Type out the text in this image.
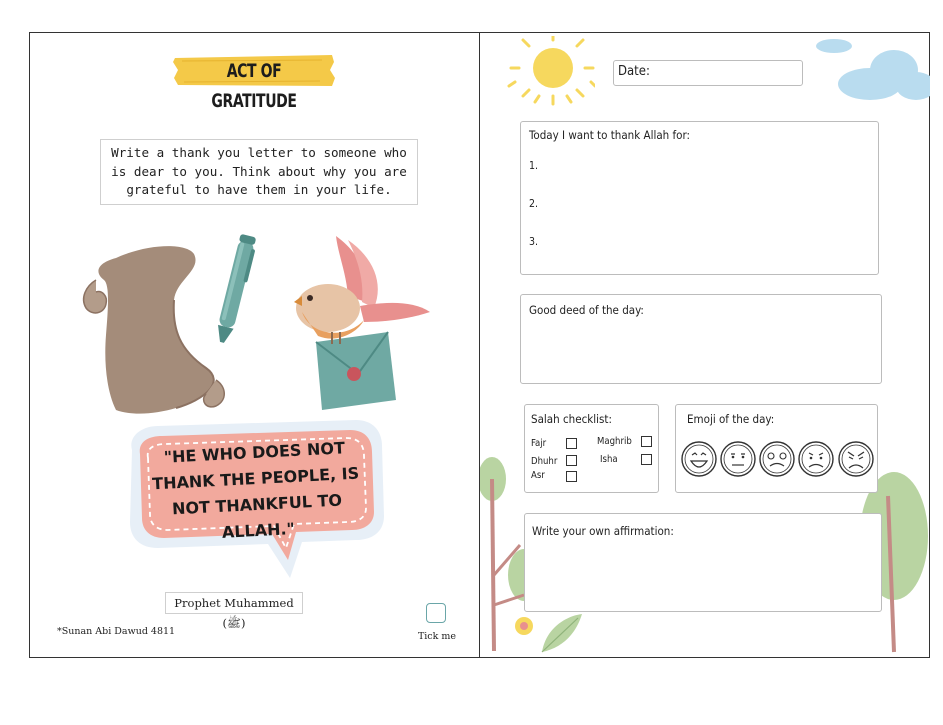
ACT OF GRATITUDE
Write a thank you letter to someone who
is dear to you. Think about why you are
grateful to have them in your life.
"HE WHO DOES NOT THANK THE PEOPLE, IS NOT THANKFUL TO ALLAH."
Prophet Muhammed (ﷺ)
*Sunan Abi Dawud 4811	Tick me
Date:
Today I want to thank Allah for:
1.
2.
3.
Good deed of the day:
Salah checklist:
Fajr
Dhuhr
Asr
Maghrib
Isha
Emoji of the day:
Write your own affirmation:
